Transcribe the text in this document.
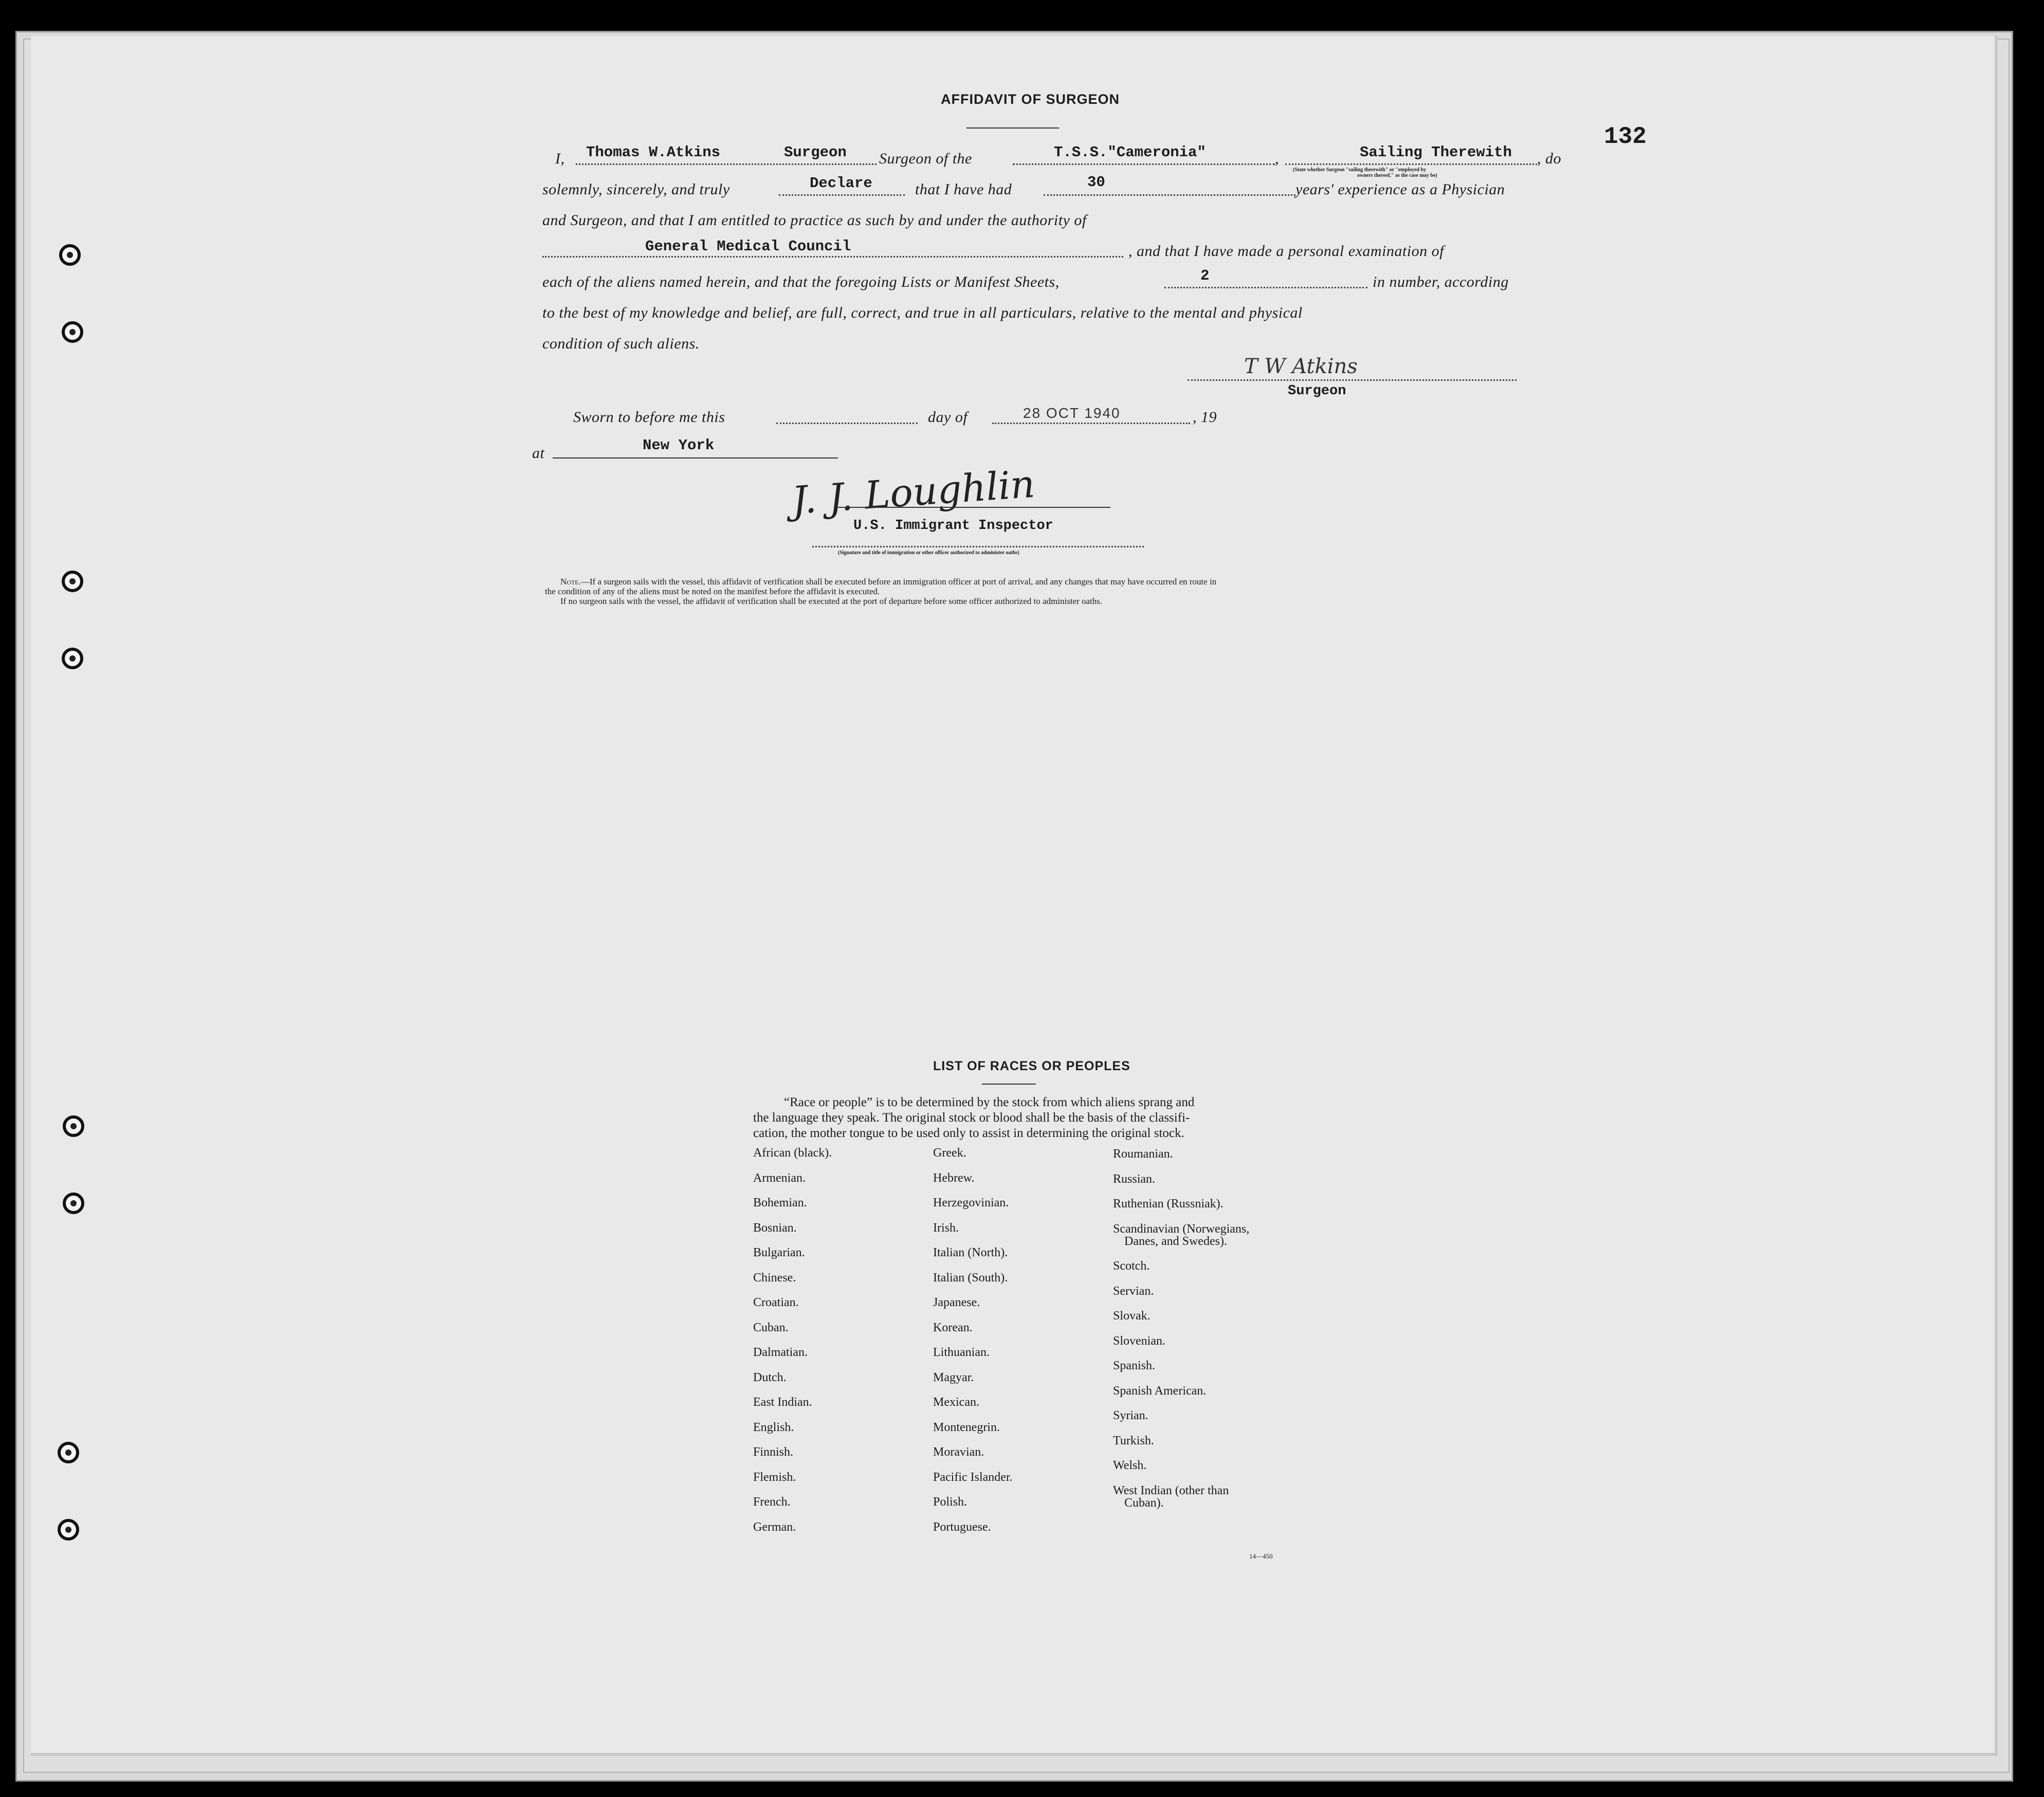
132
AFFIDAVIT OF SURGEON
I, Thomas W.Atkins	Surgeon Surgeon of the	T.S.S."Cameronia"	,	Sailing Therewith , do
(State whether Surgeon "sailing therewith" or "employed by
owners thereof," as the case may be)
solemnly, sincerely, and truly	Declare	that I have had	30	years' experience as a Physician
and Surgeon, and that I am entitled to practice as such by and under the authority of
General Medical Council	, and that I have made a personal examination of
each of the aliens named herein, and that the foregoing Lists or Manifest Sheets,	2	in number, according
to the best of my knowledge and belief, are full, correct, and true in all particulars, relative to the mental and physical
condition of such aliens.
T W Atkins
Surgeon
Sworn to before me this	day of	28 OCT 1940	, 19
at	New York
J. J. Loughlin
U.S. Immigrant Inspector
(Signature and title of immigration or other officer authorized to administer oaths)
Note.—If a surgeon sails with the vessel, this affidavit of verification shall be executed before an immigration officer at port of arrival, and any changes that may have occurred en route in
the condition of any of the aliens must be noted on the manifest before the affidavit is executed.
If no surgeon sails with the vessel, the affidavit of verification shall be executed at the port of departure before some officer authorized to administer oaths.
LIST OF RACES OR PEOPLES
“Race or people” is to be determined by the stock from which aliens sprang and
the language they speak. The original stock or blood shall be the basis of the classifi-
cation, the mother tongue to be used only to assist in determining the original stock.
African (black).
Armenian.
Bohemian.
Bosnian.
Bulgarian.
Chinese.
Croatian.
Cuban.
Dalmatian.
Dutch.
East Indian.
English.
Finnish.
Flemish.
French.
German.
Greek.
Hebrew.
Herzegovinian.
Irish.
Italian (North).
Italian (South).
Japanese.
Korean.
Lithuanian.
Magyar.
Mexican.
Montenegrin.
Moravian.
Pacific Islander.
Polish.
Portuguese.
Roumanian.
Russian.
Ruthenian (Russniak).
Scandinavian (Norwegians,
Danes, and Swedes).
Scotch.
Servian.
Slovak.
Slovenian.
Spanish.
Spanish American.
Syrian.
Turkish.
Welsh.
West Indian (other than
Cuban).
14—450
